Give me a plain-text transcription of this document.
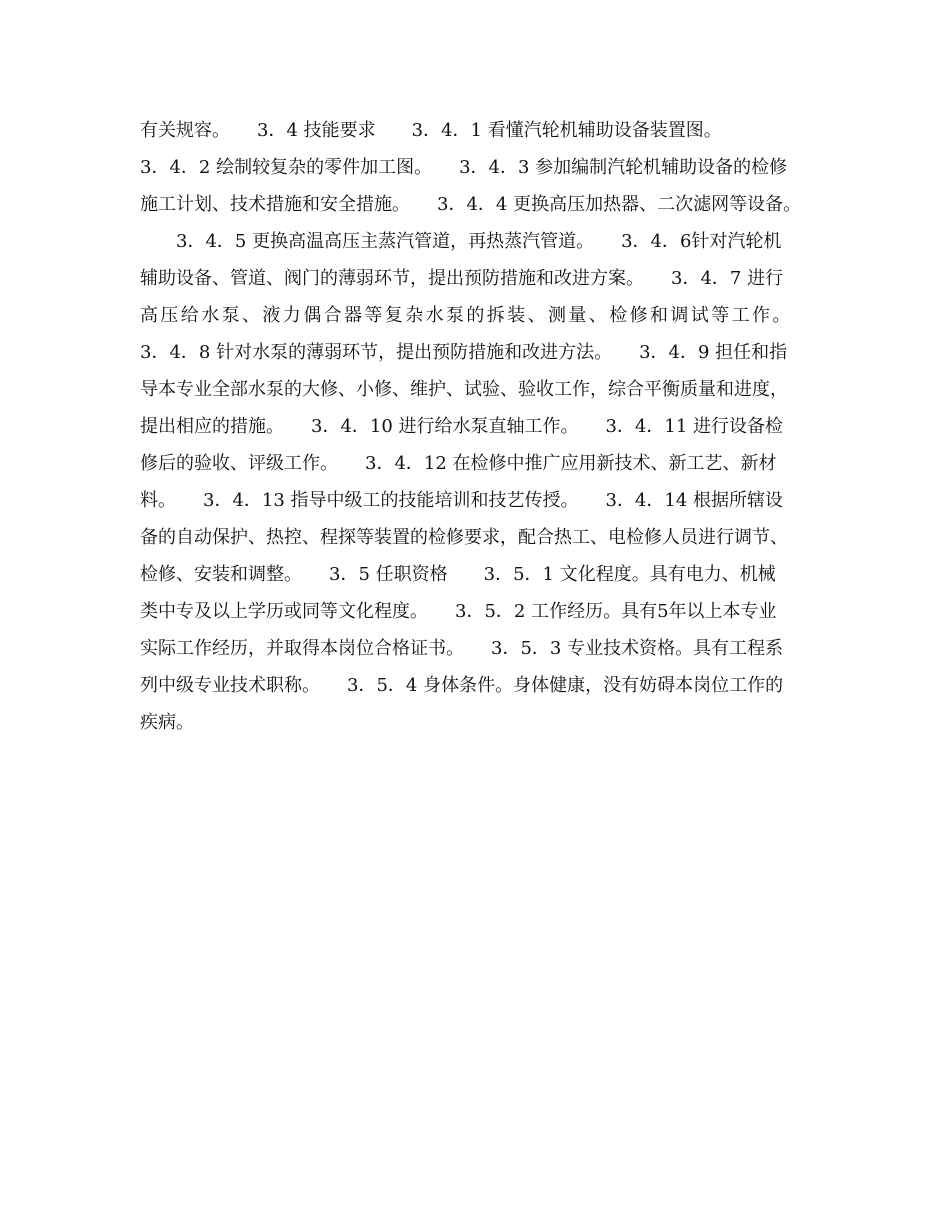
有关规容。　　3．4 技能要求　　3．4．1 看懂汽轮机辅助设备装置图。
3．4．2 绘制较复杂的零件加工图。　　3．4．3 参加编制汽轮机辅助设备的检修
施工计划、技术措施和安全措施。　　3．4．4 更换高压加热器、二次滤网等设备。
　3．4．5 更换高温高压主蒸汽管道，再热蒸汽管道。　　3．4．6针对汽轮机
辅助设备、管道、阀门的薄弱环节，提出预防措施和改进方案。　　3．4．7 进行
高压给水泵、液力偶合器等复杂水泵的拆装、测量、检修和调试等工作。
3．4．8 针对水泵的薄弱环节，提出预防措施和改进方法。　　3．4．9 担任和指
导本专业全部水泵的大修、小修、维护、试验、验收工作，综合平衡质量和进度，
提出相应的措施。　　3．4．10 进行给水泵直轴工作。　　3．4．11 进行设备检
修后的验收、评级工作。　　3．4．12 在检修中推广应用新技术、新工艺、新材
料。　　3．4．13 指导中级工的技能培训和技艺传授。　　3．4．14 根据所辖设
备的自动保护、热控、程探等装置的检修要求，配合热工、电检修人员进行调节、
检修、安装和调整。　　3．5 任职资格　　3．5．1 文化程度。具有电力、机械
类中专及以上学历或同等文化程度。　　3．5．2 工作经历。具有5年以上本专业
实际工作经历，并取得本岗位合格证书。　　3．5．3 专业技术资格。具有工程系
列中级专业技术职称。　　3．5．4 身体条件。身体健康，没有妨碍本岗位工作的
疾病。
